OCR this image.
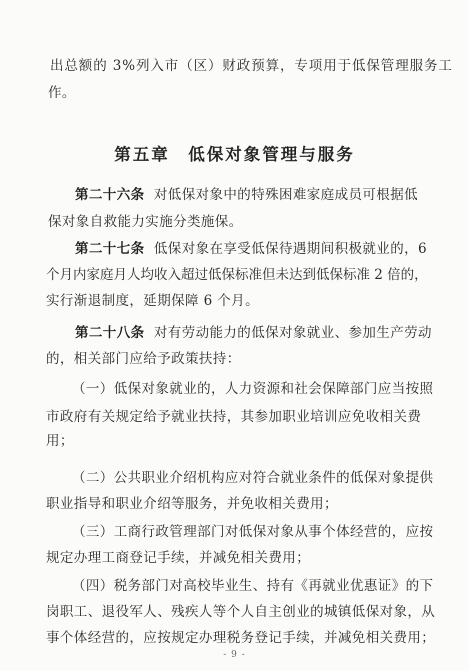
出总额的 3%列入市（区）财政预算，专项用于低保管理服务工
作。
第五章　低保对象管理与服务
第二十六条 对低保对象中的特殊困难家庭成员可根据低
保对象自救能力实施分类施保。
第二十七条 低保对象在享受低保待遇期间积极就业的，6
个月内家庭月人均收入超过低保标准但未达到低保标准 2 倍的，
实行渐退制度，延期保障 6 个月。
第二十八条 对有劳动能力的低保对象就业、参加生产劳动
的，相关部门应给予政策扶持：
（一）低保对象就业的，人力资源和社会保障部门应当按照
市政府有关规定给予就业扶持，其参加职业培训应免收相关费
用；
（二）公共职业介绍机构应对符合就业条件的低保对象提供
职业指导和职业介绍等服务，并免收相关费用；
（三）工商行政管理部门对低保对象从事个体经营的，应按
规定办理工商登记手续，并减免相关费用；
（四）税务部门对高校毕业生、持有《再就业优惠证》的下
岗职工、退役军人、残疾人等个人自主创业的城镇低保对象，从
事个体经营的，应按规定办理税务登记手续，并减免相关费用；
- 9 -
